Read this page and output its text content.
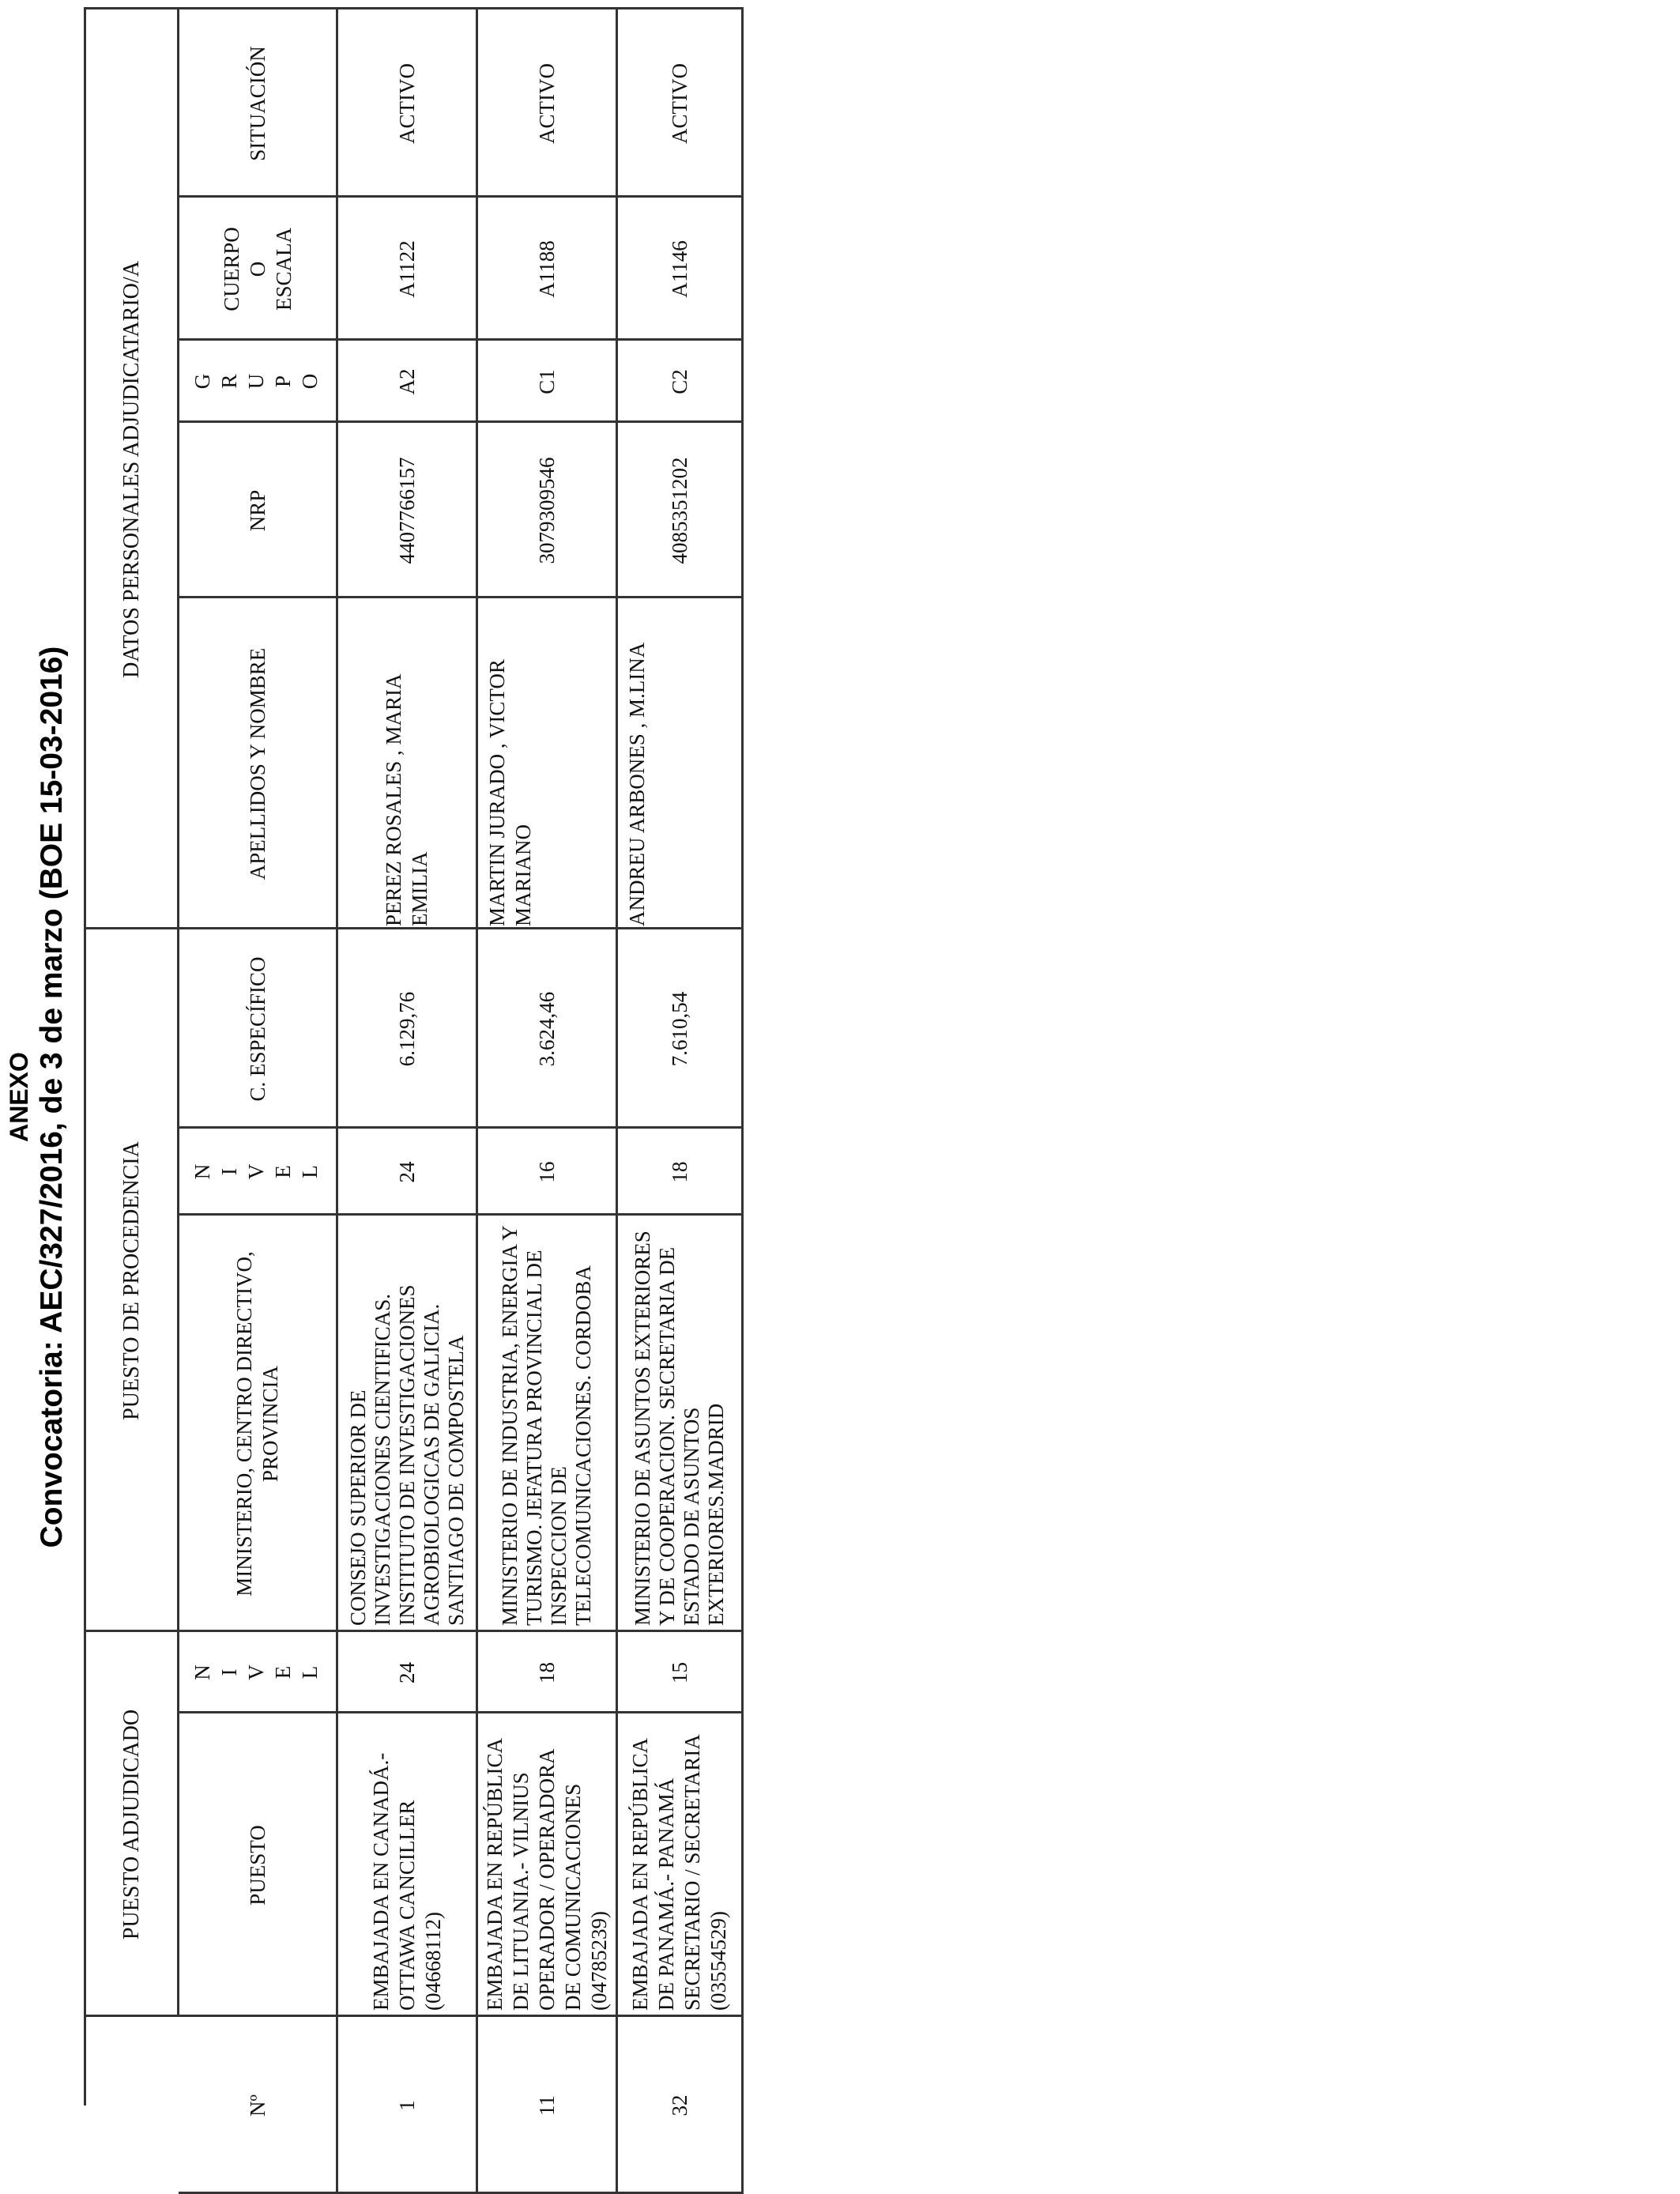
ANEXO Convocatoria: AEC/327/2016, de 3 de marzo (BOE 15-03-2016)
PUESTO ADJUDICADO
PUESTO DE PROCEDENCIA
DATOS PERSONALES ADJUDICATARIO/A
Nº
PUESTO
NIVEL
MINISTERIO, CENTRO DIRECTIVO, PROVINCIA
NIVEL
C. ESPECÍFICO
APELLIDOS Y NOMBRE
NRP
GRUPO
CUERPO O ESCALA
SITUACIÓN
1
EMBAJADA EN CANADÁ.- OTTAWA CANCILLER (04668112)
24
CONSEJO SUPERIOR DE INVESTIGACIONES CIENTIFICAS. INSTITUTO DE INVESTIGACIONES AGROBIOLOGICAS DE GALICIA. SANTIAGO DE COMPOSTELA
24
6.129,76
PEREZ ROSALES , MARIA EMILIA
4407766157
A2
A1122
ACTIVO
11
EMBAJADA EN REPÚBLICA DE LITUANIA.- VILNIUS OPERADOR / OPERADORA DE COMUNICACIONES (04785239)
18
MINISTERIO DE INDUSTRIA, ENERGIA Y TURISMO. JEFATURA PROVINCIAL DE INSPECCION DE TELECOMUNICACIONES. CORDOBA
16
3.624,46
MARTIN JURADO , VICTOR MARIANO
3079309546
C1
A1188
ACTIVO
32
EMBAJADA EN REPÚBLICA DE PANAMÁ.- PANAMÁ SECRETARIO / SECRETARIA (03554529)
15
MINISTERIO DE ASUNTOS EXTERIORES Y DE COOPERACION. SECRETARIA DE ESTADO DE ASUNTOS EXTERIORES.MADRID
18
7.610,54
ANDREU ARBONES , M.LINA
4085351202
C2
A1146
ACTIVO
